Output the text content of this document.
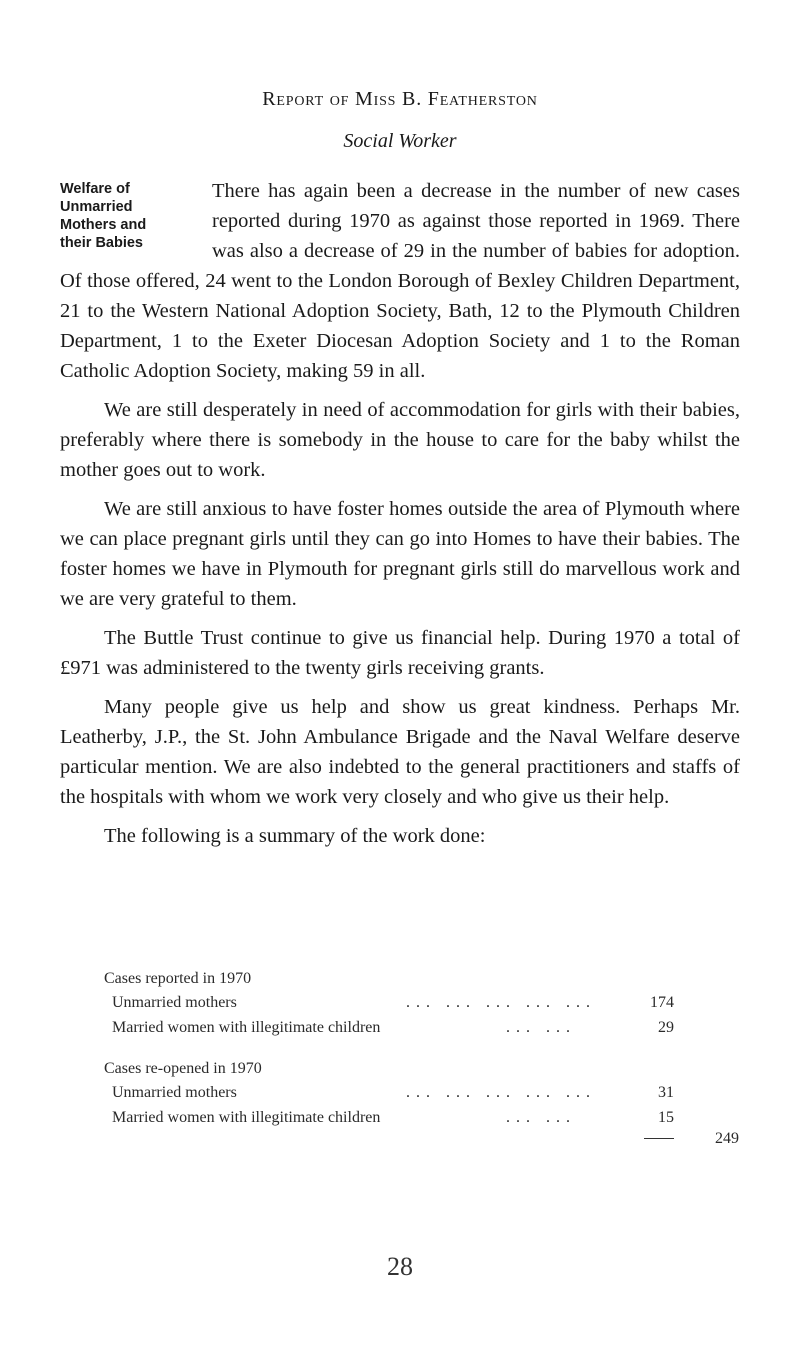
Report of Miss B. Featherston
Social Worker
Welfare of
Unmarried
Mothers and
their Babies

There has again been a decrease in the number of new cases reported during 1970 as against those reported in 1969. There was also a decrease of 29 in the number of babies for adoption. Of those offered, 24 went to the London Borough of Bexley Children Department, 21 to the Western National Adoption Society, Bath, 12 to the Plymouth Children Department, 1 to the Exeter Diocesan Adoption Society and 1 to the Roman Catholic Adoption Society, making 59 in all.

We are still desperately in need of accommodation for girls with their babies, preferably where there is somebody in the house to care for the baby whilst the mother goes out to work.

We are still anxious to have foster homes outside the area of Plymouth where we can place pregnant girls until they can go into Homes to have their babies. The foster homes we have in Plymouth for pregnant girls still do marvellous work and we are very grateful to them.

The Buttle Trust continue to give us financial help. During 1970 a total of £971 was administered to the twenty girls receiving grants.

Many people give us help and show us great kindness. Perhaps Mr. Leatherby, J.P., the St. John Ambulance Brigade and the Naval Welfare deserve particular mention. We are also indebted to the general practitioners and staffs of the hospitals with whom we work very closely and who give us their help.

The following is a summary of the work done:

Cases reported in 1970
Unmarried mothers	... ... ... ... ...	174
Married women with illegitimate children	... ...	29
Cases re-opened in 1970
Unmarried mothers	... ... ... ... ...	31
Married women with illegitimate children	... ...	15
249
28
